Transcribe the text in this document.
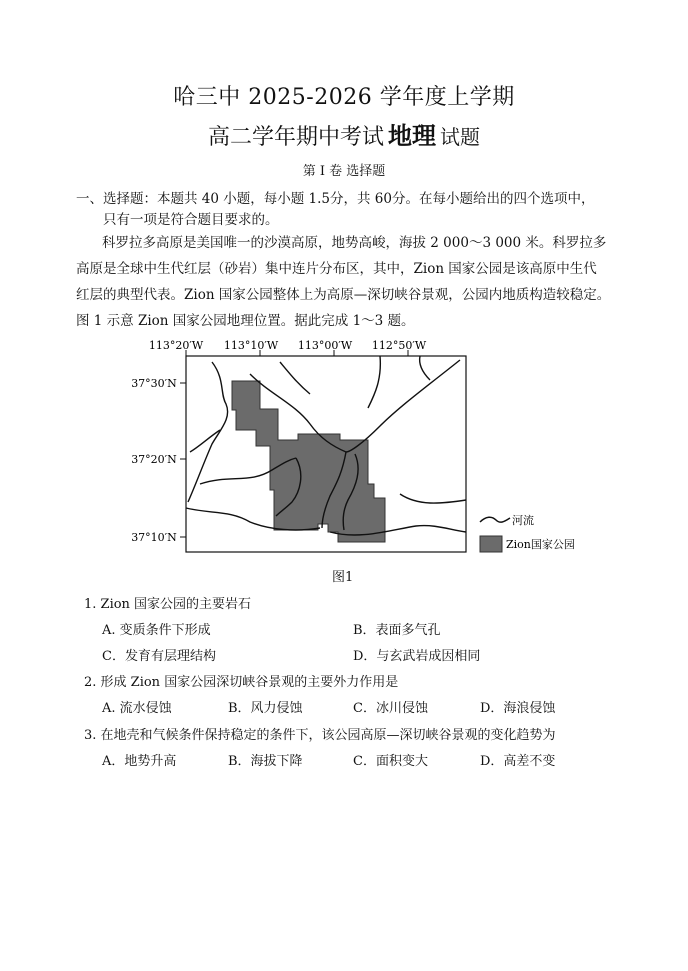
哈三中 2025-2026 学年度上学期
高二学年期中考试 地理 试题
第 I 卷 选择题
一、选择题：本题共 40 小题，每小题 1.5分，共 60分。在每小题给出的四个选项中，
只有一项是符合题目要求的。
科罗拉多高原是美国唯一的沙漠高原，地势高峻，海拔 2 000～3 000 米。科罗拉多
高原是全球中生代红层（砂岩）集中连片分布区，其中，Zion 国家公园是该高原中生代
红层的典型代表。Zion 国家公园整体上为高原—深切峡谷景观，公园内地质构造较稳定。
图 1 示意 Zion 国家公园地理位置。据此完成 1～3 题。
113°20′W 113°10′W 113°00′W 112°50′W
37°30′N
37°20′N
37°10′N
河流
Zion国家公园
图1
1. Zion 国家公园的主要岩石
A. 变质条件下形成	B．表面多气孔
C．发育有层理结构	D．与玄武岩成因相同
2. 形成 Zion 国家公园深切峡谷景观的主要外力作用是
A. 流水侵蚀	B．风力侵蚀	C．冰川侵蚀	D．海浪侵蚀
3. 在地壳和气候条件保持稳定的条件下，该公园高原—深切峡谷景观的变化趋势为
A．地势升高	B．海拔下降	C．面积变大	D．高差不变
